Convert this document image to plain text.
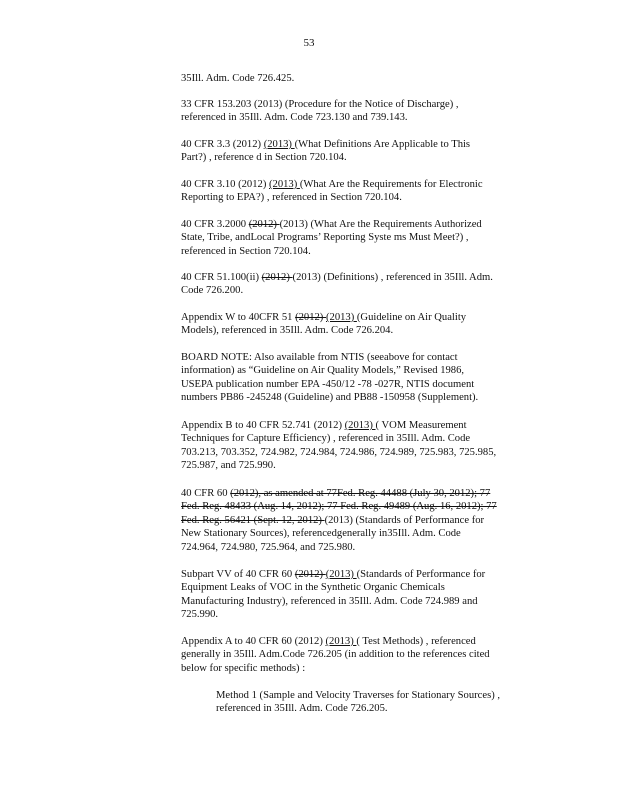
53
35Ill. Adm. Code 726.425.
33 CFR 153.203 (2013) (Procedure for the Notice of Discharge) ,
referenced in 35Ill. Adm. Code 723.130 and 739.143.
40 CFR 3.3 (2012) (2013) (What Definitions Are Applicable to This
Part?) , reference d in Section 720.104.
40 CFR 3.10 (2012) (2013) (What Are the Requirements for Electronic
Reporting to EPA?) , referenced in Section 720.104.
40 CFR 3.2000 (2012) (2013) (What Are the Requirements Authorized
State, Tribe, andLocal Programs’ Reporting Syste ms Must Meet?) ,
referenced in Section 720.104.
40 CFR 51.100(ii) (2012) (2013) (Definitions) , referenced in 35Ill. Adm.
Code 726.200.
Appendix W to 40CFR 51 (2012) (2013) (Guideline on Air Quality
Models), referenced in 35Ill. Adm. Code 726.204.
BOARD NOTE: Also available from NTIS (seeabove for contact
information) as “Guideline on Air Quality Models,” Revised 1986,
USEPA publication number EPA -450/12 -78 -027R, NTIS document
numbers PB86 -245248 (Guideline) and PB88 -150958 (Supplement).
Appendix B to 40 CFR 52.741 (2012) (2013) ( VOM Measurement
Techniques for Capture Efficiency) , referenced in 35Ill. Adm. Code
703.213, 703.352, 724.982, 724.984, 724.986, 724.989, 725.983, 725.985,
725.987, and 725.990.
40 CFR 60 (2012), as amended at 77Fed. Reg. 44488 (July 30, 2012); 77
Fed. Reg. 48433 (Aug. 14, 2012); 77 Fed. Reg. 49489 (Aug. 16, 2012); 77
Fed. Reg. 56421 (Sept. 12, 2012) (2013) (Standards of Performance for
New Stationary Sources), referencedgenerally in35Ill. Adm. Code
724.964, 724.980, 725.964, and 725.980.
Subpart VV of 40 CFR 60 (2012) (2013) (Standards of Performance for
Equipment Leaks of VOC in the Synthetic Organic Chemicals
Manufacturing Industry), referenced in 35Ill. Adm. Code 724.989 and
725.990.
Appendix A to 40 CFR 60 (2012) (2013) ( Test Methods) , referenced
generally in 35Ill. Adm.Code 726.205 (in addition to the references cited
below for specific methods) :
Method 1 (Sample and Velocity Traverses for Stationary Sources) ,
referenced in 35Ill. Adm. Code 726.205.
